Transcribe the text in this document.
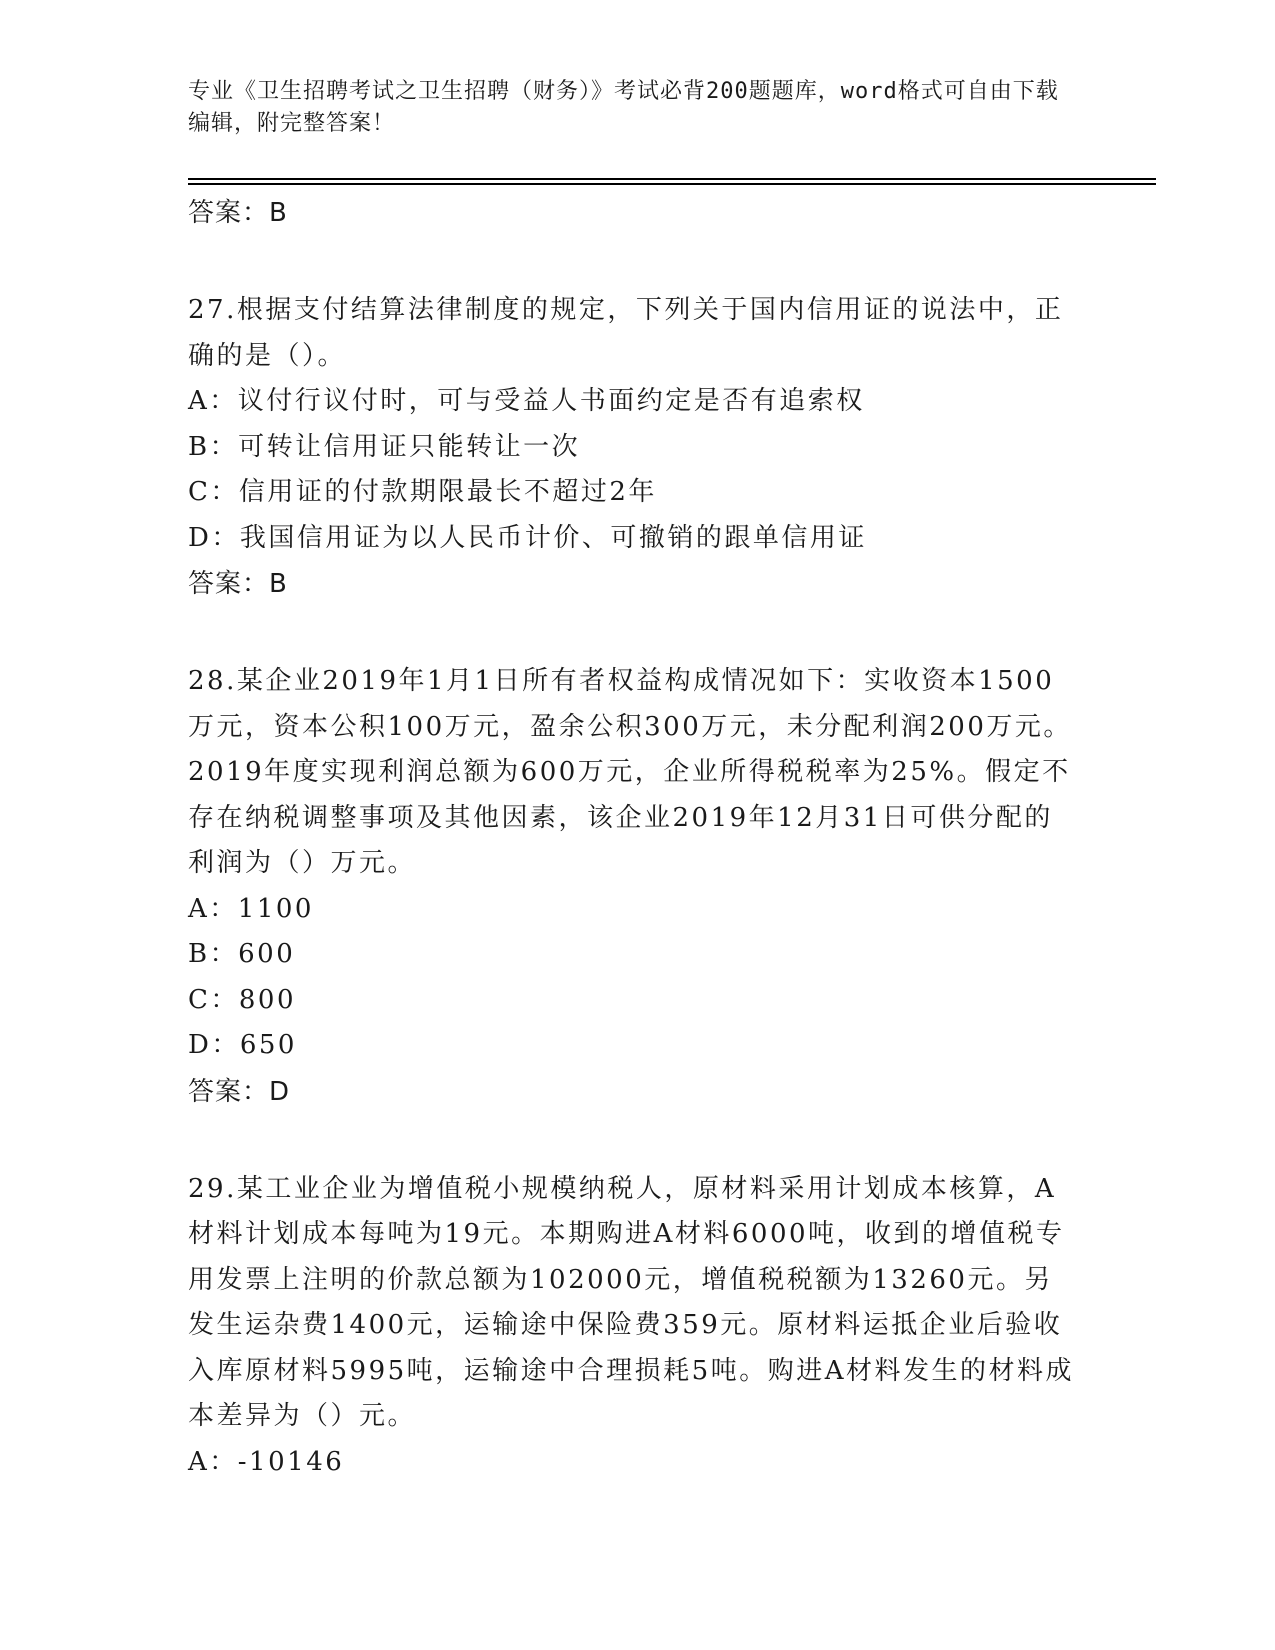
专业《卫生招聘考试之卫生招聘（财务）》考试必背200题题库，word格式可自由下载编辑，附完整答案！
答案：B
27.根据支付结算法律制度的规定，下列关于国内信用证的说法中，正确的是（）。
A：议付行议付时，可与受益人书面约定是否有追索权
B：可转让信用证只能转让一次
C：信用证的付款期限最长不超过2年
D：我国信用证为以人民币计价、可撤销的跟单信用证
答案：B
28.某企业2019年1月1日所有者权益构成情况如下：实收资本1500万元，资本公积100万元，盈余公积300万元，未分配利润200万元。2019年度实现利润总额为600万元，企业所得税税率为25%。假定不存在纳税调整事项及其他因素，该企业2019年12月31日可供分配的利润为（）万元。
A：1100
B：600
C：800
D：650
答案：D
29.某工业企业为增值税小规模纳税人，原材料采用计划成本核算，A材料计划成本每吨为19元。本期购进A材料6000吨，收到的增值税专用发票上注明的价款总额为102000元，增值税税额为13260元。另发生运杂费1400元，运输途中保险费359元。原材料运抵企业后验收入库原材料5995吨，运输途中合理损耗5吨。购进A材料发生的材料成本差异为（）元。
A：-10146
